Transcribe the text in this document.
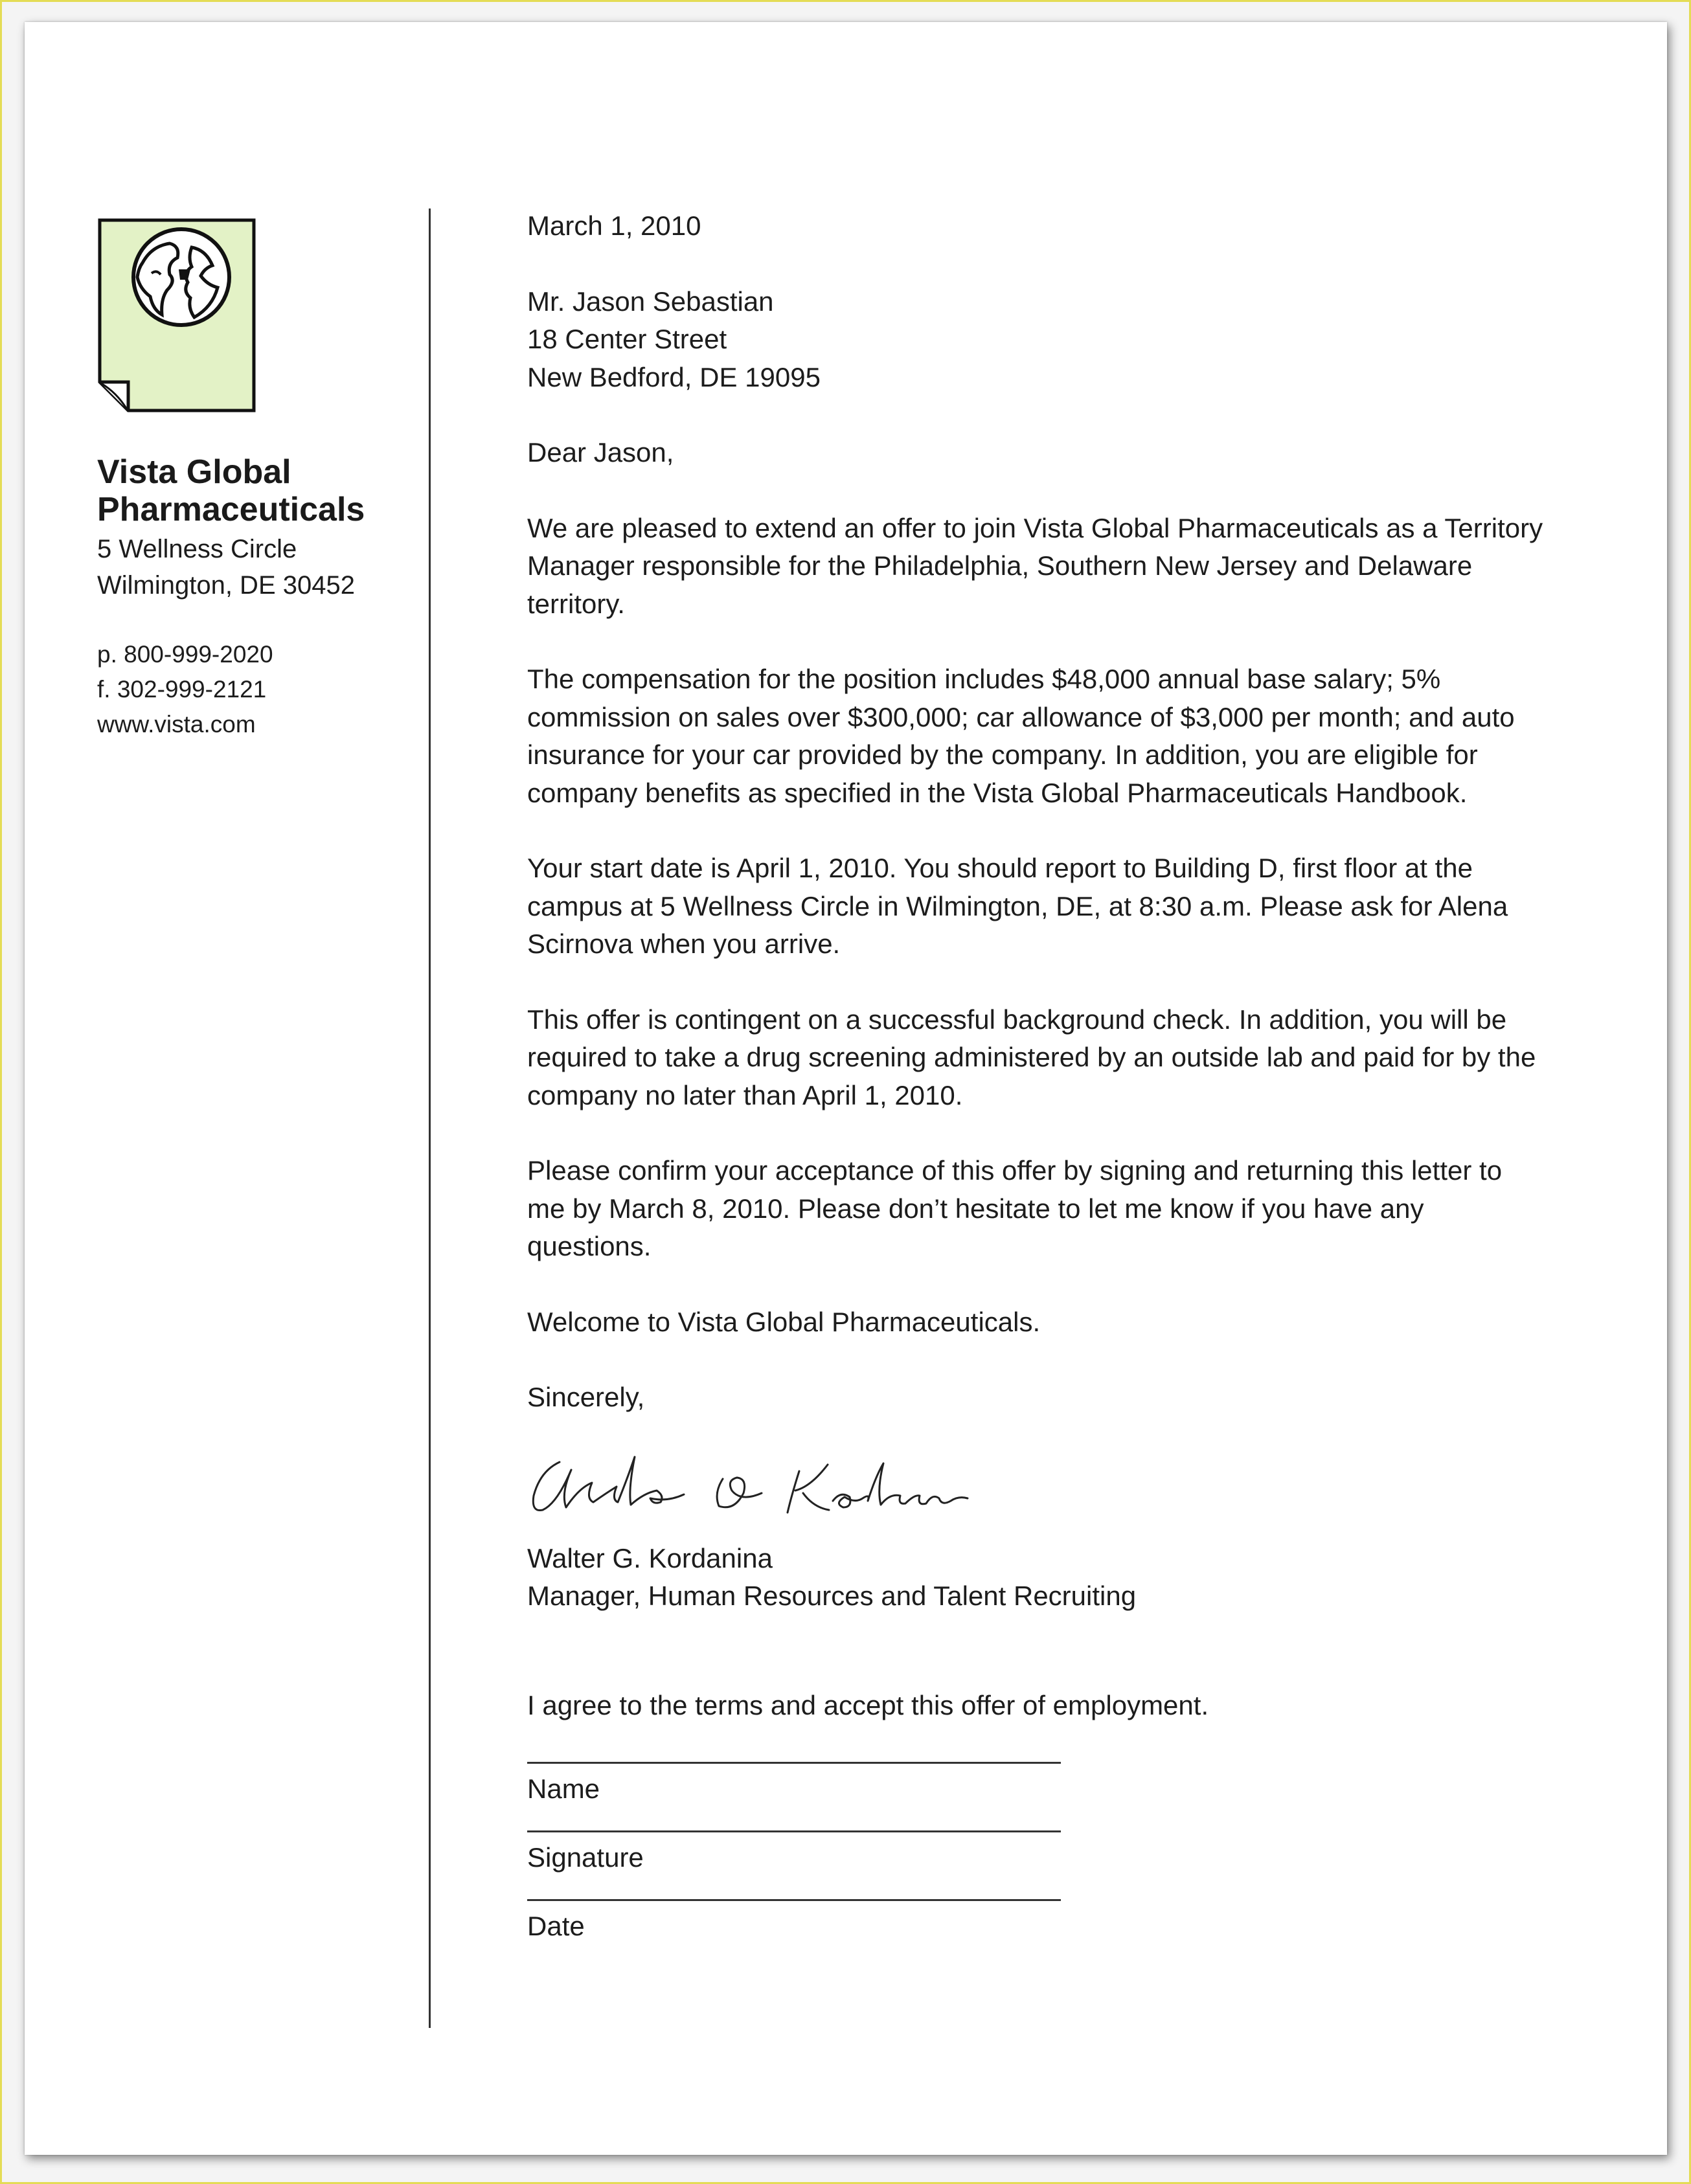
Vista Global
Pharmaceuticals
5 Wellness Circle
Wilmington, DE 30452
p. 800-999-2020
f. 302-999-2121
www.vista.com

March 1, 2010

Mr. Jason Sebastian
18 Center Street
New Bedford, DE 19095

Dear Jason,

We are pleased to extend an offer to join Vista Global Pharmaceuticals as a Territory Manager responsible for the Philadelphia, Southern New Jersey and Delaware territory.

The compensation for the position includes $48,000 annual base salary; 5% commission on sales over $300,000; car allowance of $3,000 per month; and auto insurance for your car provided by the company. In addition, you are eligible for company benefits as specified in the Vista Global Pharmaceuticals Handbook.

Your start date is April 1, 2010. You should report to Building D, first floor at the campus at 5 Wellness Circle in Wilmington, DE, at 8:30 a.m. Please ask for Alena Scirnova when you arrive.

This offer is contingent on a successful background check. In addition, you will be required to take a drug screening administered by an outside lab and paid for by the company no later than April 1, 2010.

Please confirm your acceptance of this offer by signing and returning this letter to me by March 8, 2010. Please don’t hesitate to let me know if you have any questions.

Welcome to Vista Global Pharmaceuticals.

Sincerely,

Walter G. Kordanina
Manager, Human Resources and Talent Recruiting

I agree to the terms and accept this offer of employment.

Name
Signature
Date
